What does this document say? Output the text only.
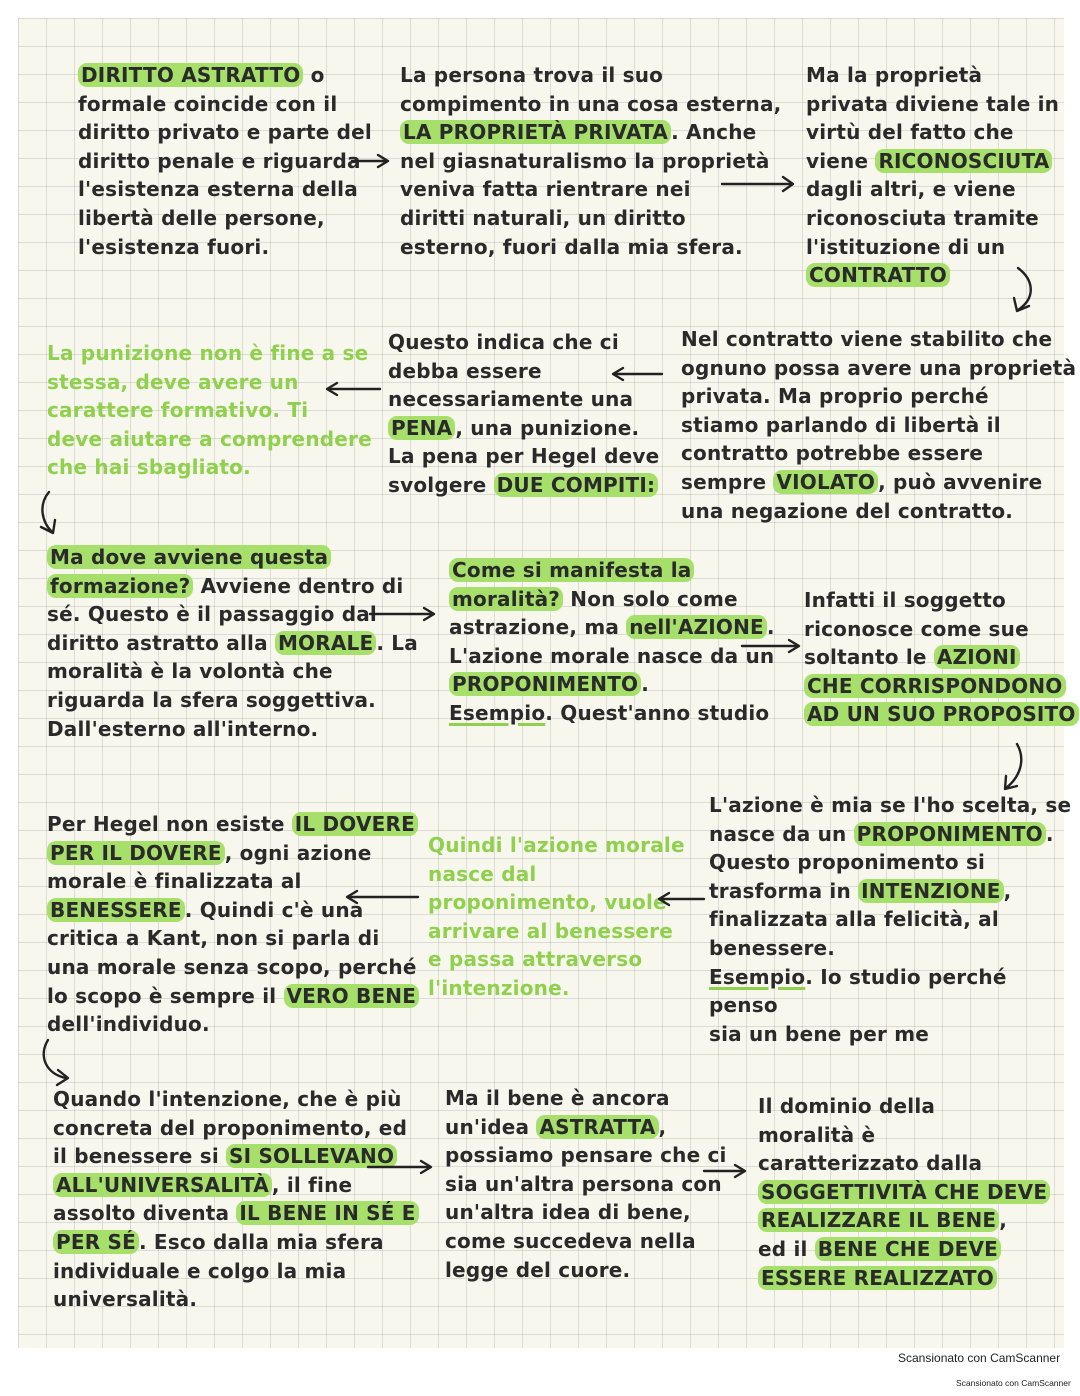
DIRITTO ASTRATTO o
formale coincide con il
diritto privato e parte del
diritto penale e riguarda
l'esistenza esterna della
libertà delle persone,
l'esistenza fuori.
La persona trova il suo
compimento in una cosa esterna,
LA PROPRIETÀ PRIVATA . Anche
nel giasnaturalismo la proprietà
veniva fatta rientrare nei
diritti naturali, un diritto
esterno, fuori dalla mia sfera.
Ma la proprietà
privata diviene tale in
virtù del fatto che
viene RICONOSCIUTA
dagli altri, e viene
riconosciuta tramite
l'istituzione di un
CONTRATTO
La punizione non è fine a se
stessa, deve avere un
carattere formativo. Ti
deve aiutare a comprendere
che hai sbagliato.
Questo indica che ci
debba essere
necessariamente una
PENA , una punizione.
La pena per Hegel deve
svolgere DUE COMPITI:
Nel contratto viene stabilito che
ognuno possa avere una proprietà
privata. Ma proprio perché
stiamo parlando di libertà il
contratto potrebbe essere
sempre VIOLATO , può avvenire
una negazione del contratto.
Ma dove avviene questa
formazione? Avviene dentro di
sé. Questo è il passaggio dal
diritto astratto alla MORALE . La
moralità è la volontà che
riguarda la sfera soggettiva.
Dall'esterno all'interno.
Come si manifesta la
moralità? Non solo come
astrazione, ma nell'AZIONE .
L'azione morale nasce da un
PROPONIMENTO .
Esempio. Quest'anno studio
Infatti il soggetto
riconosce come sue
soltanto le AZIONI
CHE CORRISPONDONO
AD UN SUO PROPOSITO
Per Hegel non esiste IL DOVERE
PER IL DOVERE , ogni azione
morale è finalizzata al
BENESSERE . Quindi c'è una
critica a Kant, non si parla di
una morale senza scopo, perché
lo scopo è sempre il VERO BENE
dell'individuo.
Quindi l'azione morale
nasce dal
proponimento, vuole
arrivare al benessere
e passa attraverso
l'intenzione.
L'azione è mia se l'ho scelta, se
nasce da un PROPONIMENTO .
Questo proponimento si
trasforma in INTENZIONE ,
finalizzata alla felicità, al
benessere.
Esempio. Io studio perché penso
sia un bene per me
Quando l'intenzione, che è più
concreta del proponimento, ed
il benessere si SI SOLLEVANO
ALL'UNIVERSALITÀ , il fine
assolto diventa IL BENE IN SÉ E
PER SÉ . Esco dalla mia sfera
individuale e colgo la mia
universalità.
Ma il bene è ancora
un'idea ASTRATTA ,
possiamo pensare che ci
sia un'altra persona con
un'altra idea di bene,
come succedeva nella
legge del cuore.
Il dominio della
moralità è
caratterizzato dalla
SOGGETTIVITÀ CHE DEVE
REALIZZARE IL BENE ,
ed il BENE CHE DEVE
ESSERE REALIZZATO
Scansionato con CamScanner
Scansionato con CamScanner
